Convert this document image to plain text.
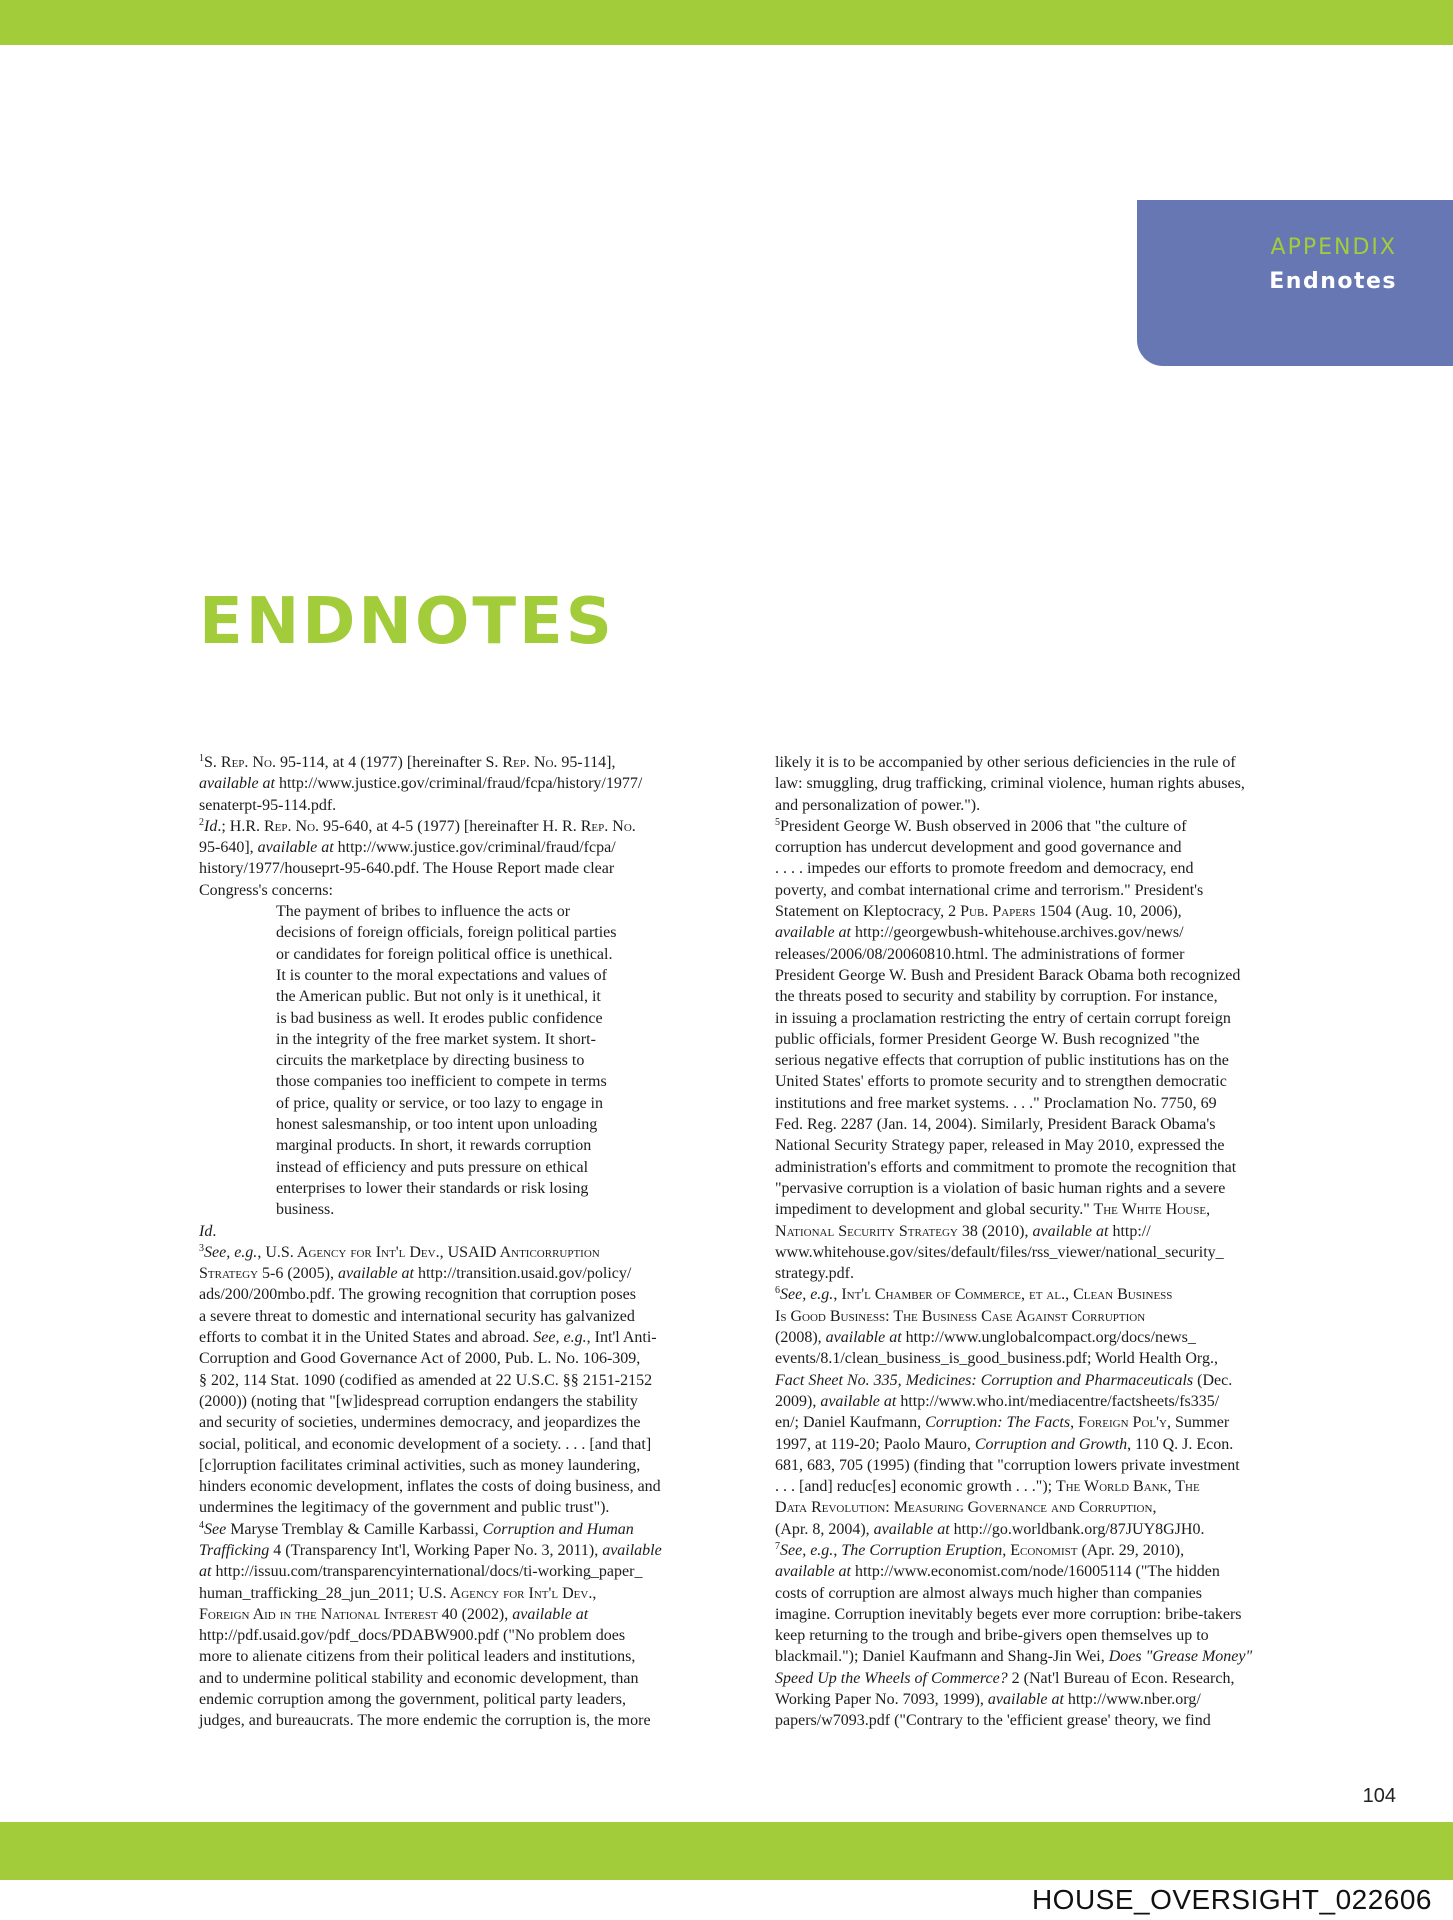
APPENDIX
Endnotes
ENDNOTES
$^1$S. Rep. No. 95-114, at 4 (1977) [hereinafter S. Rep. No. 95-114],
available at http://www.justice.gov/criminal/fraud/fcpa/history/1977/
senaterpt-95-114.pdf.
$^2$Id.; H.R. Rep. No. 95-640, at 4-5 (1977) [hereinafter H. R. Rep. No.
95-640], available at http://www.justice.gov/criminal/fraud/fcpa/
history/1977/houseprt-95-640.pdf. The House Report made clear
Congress's concerns:
The payment of bribes to influence the acts or
decisions of foreign officials, foreign political parties
or candidates for foreign political office is unethical.
It is counter to the moral expectations and values of
the American public. But not only is it unethical, it
is bad business as well. It erodes public confidence
in the integrity of the free market system. It short-
circuits the marketplace by directing business to
those companies too inefficient to compete in terms
of price, quality or service, or too lazy to engage in
honest salesmanship, or too intent upon unloading
marginal products. In short, it rewards corruption
instead of efficiency and puts pressure on ethical
enterprises to lower their standards or risk losing
business.
Id.
$^3$See, e.g., U.S. Agency for Int'l Dev., USAID Anticorruption
Strategy 5-6 (2005), available at http://transition.usaid.gov/policy/
ads/200/200mbo.pdf. The growing recognition that corruption poses
a severe threat to domestic and international security has galvanized
efforts to combat it in the United States and abroad. See, e.g., Int'l Anti-
Corruption and Good Governance Act of 2000, Pub. L. No. 106-309,
§ 202, 114 Stat. 1090 (codified as amended at 22 U.S.C. §§ 2151-2152
(2000)) (noting that "[w]idespread corruption endangers the stability
and security of societies, undermines democracy, and jeopardizes the
social, political, and economic development of a society. . . . [and that]
[c]orruption facilitates criminal activities, such as money laundering,
hinders economic development, inflates the costs of doing business, and
undermines the legitimacy of the government and public trust").
$^4$See Maryse Tremblay & Camille Karbassi, Corruption and Human
Trafficking 4 (Transparency Int'l, Working Paper No. 3, 2011), available
at http://issuu.com/transparencyinternational/docs/ti-working_paper_
human_trafficking_28_jun_2011; U.S. Agency for Int'l Dev.,
Foreign Aid in the National Interest 40 (2002), available at
http://pdf.usaid.gov/pdf_docs/PDABW900.pdf ("No problem does
more to alienate citizens from their political leaders and institutions,
and to undermine political stability and economic development, than
endemic corruption among the government, political party leaders,
judges, and bureaucrats. The more endemic the corruption is, the more
likely it is to be accompanied by other serious deficiencies in the rule of
law: smuggling, drug trafficking, criminal violence, human rights abuses,
and personalization of power.").
$^5$President George W. Bush observed in 2006 that "the culture of
corruption has undercut development and good governance and
. . . . impedes our efforts to promote freedom and democracy, end
poverty, and combat international crime and terrorism." President's
Statement on Kleptocracy, 2 Pub. Papers 1504 (Aug. 10, 2006),
available at http://georgewbush-whitehouse.archives.gov/news/
releases/2006/08/20060810.html. The administrations of former
President George W. Bush and President Barack Obama both recognized
the threats posed to security and stability by corruption. For instance,
in issuing a proclamation restricting the entry of certain corrupt foreign
public officials, former President George W. Bush recognized "the
serious negative effects that corruption of public institutions has on the
United States' efforts to promote security and to strengthen democratic
institutions and free market systems. . . ." Proclamation No. 7750, 69
Fed. Reg. 2287 (Jan. 14, 2004). Similarly, President Barack Obama's
National Security Strategy paper, released in May 2010, expressed the
administration's efforts and commitment to promote the recognition that
"pervasive corruption is a violation of basic human rights and a severe
impediment to development and global security." The White House,
National Security Strategy 38 (2010), available at http://
www.whitehouse.gov/sites/default/files/rss_viewer/national_security_
strategy.pdf.
$^6$See, e.g., Int'l Chamber of Commerce, et al., Clean Business
Is Good Business: The Business Case Against Corruption
(2008), available at http://www.unglobalcompact.org/docs/news_
events/8.1/clean_business_is_good_business.pdf; World Health Org.,
Fact Sheet No. 335, Medicines: Corruption and Pharmaceuticals (Dec.
2009), available at http://www.who.int/mediacentre/factsheets/fs335/
en/; Daniel Kaufmann, Corruption: The Facts, Foreign Pol'y, Summer
1997, at 119-20; Paolo Mauro, Corruption and Growth, 110 Q. J. Econ.
681, 683, 705 (1995) (finding that "corruption lowers private investment
. . . [and] reduc[es] economic growth . . ."); The World Bank, The
Data Revolution: Measuring Governance and Corruption,
(Apr. 8, 2004), available at http://go.worldbank.org/87JUY8GJH0.
$^7$See, e.g., The Corruption Eruption, Economist (Apr. 29, 2010),
available at http://www.economist.com/node/16005114 ("The hidden
costs of corruption are almost always much higher than companies
imagine. Corruption inevitably begets ever more corruption: bribe-takers
keep returning to the trough and bribe-givers open themselves up to
blackmail."); Daniel Kaufmann and Shang-Jin Wei, Does "Grease Money"
Speed Up the Wheels of Commerce? 2 (Nat'l Bureau of Econ. Research,
Working Paper No. 7093, 1999), available at http://www.nber.org/
papers/w7093.pdf ("Contrary to the 'efficient grease' theory, we find
104
HOUSE_OVERSIGHT_022606
